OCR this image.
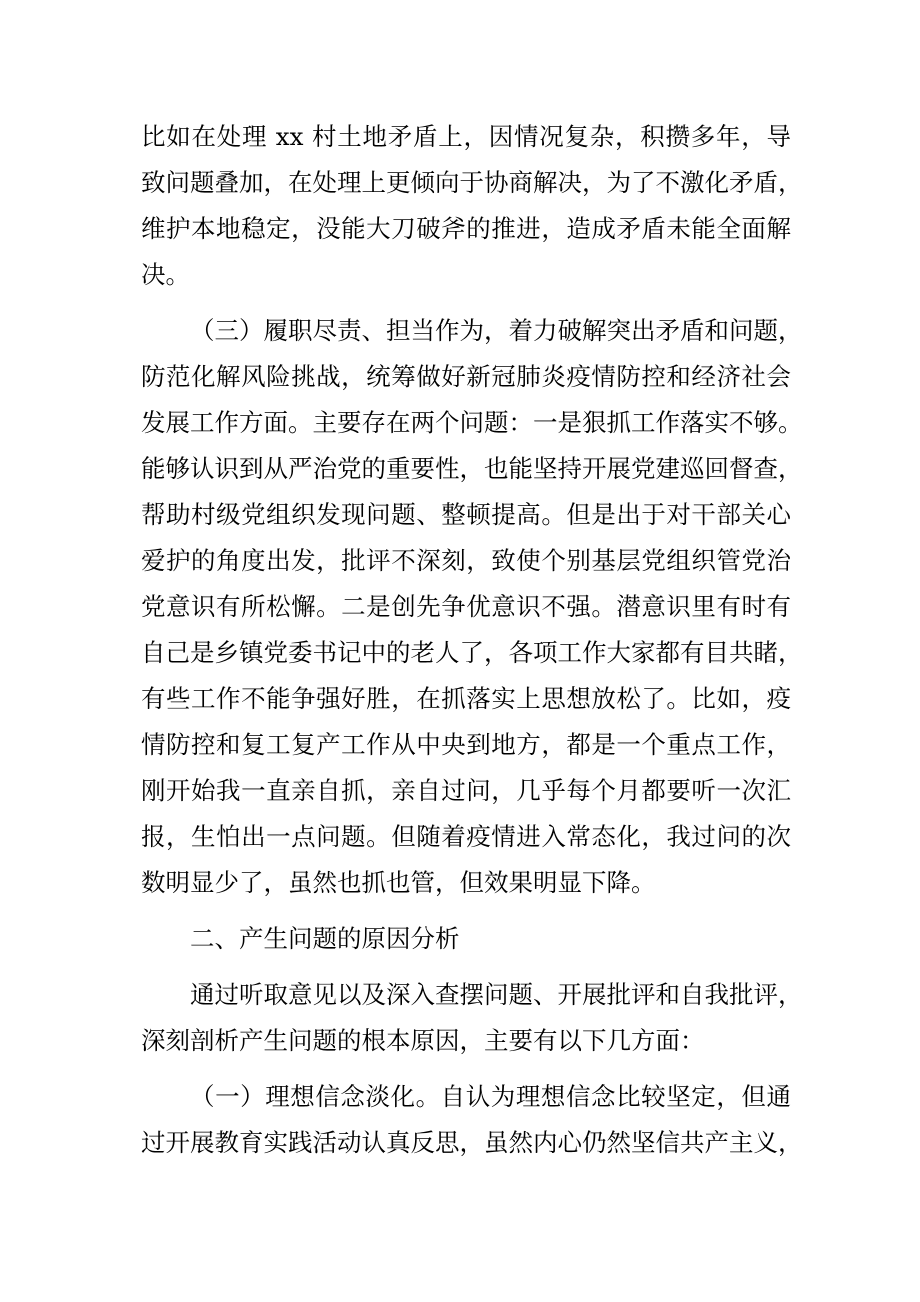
比如在处理 xx 村土地矛盾上，因情况复杂，积攒多年，导
致问题叠加，在处理上更倾向于协商解决，为了不激化矛盾，
维护本地稳定，没能大刀破斧的推进，造成矛盾未能全面解
决。
（三）履职尽责、担当作为，着力破解突出矛盾和问题，
防范化解风险挑战，统筹做好新冠肺炎疫情防控和经济社会
发展工作方面。主要存在两个问题：一是狠抓工作落实不够。
能够认识到从严治党的重要性，也能坚持开展党建巡回督查，
帮助村级党组织发现问题、整顿提高。但是出于对干部关心
爱护的角度出发，批评不深刻，致使个别基层党组织管党治
党意识有所松懈。二是创先争优意识不强。潜意识里有时有
自己是乡镇党委书记中的老人了，各项工作大家都有目共睹，
有些工作不能争强好胜，在抓落实上思想放松了。比如，疫
情防控和复工复产工作从中央到地方，都是一个重点工作，
刚开始我一直亲自抓，亲自过问，几乎每个月都要听一次汇
报，生怕出一点问题。但随着疫情进入常态化，我过问的次
数明显少了，虽然也抓也管，但效果明显下降。
二、产生问题的原因分析
通过听取意见以及深入查摆问题、开展批评和自我批评，
深刻剖析产生问题的根本原因，主要有以下几方面：
（一）理想信念淡化。自认为理想信念比较坚定，但通
过开展教育实践活动认真反思，虽然内心仍然坚信共产主义，
